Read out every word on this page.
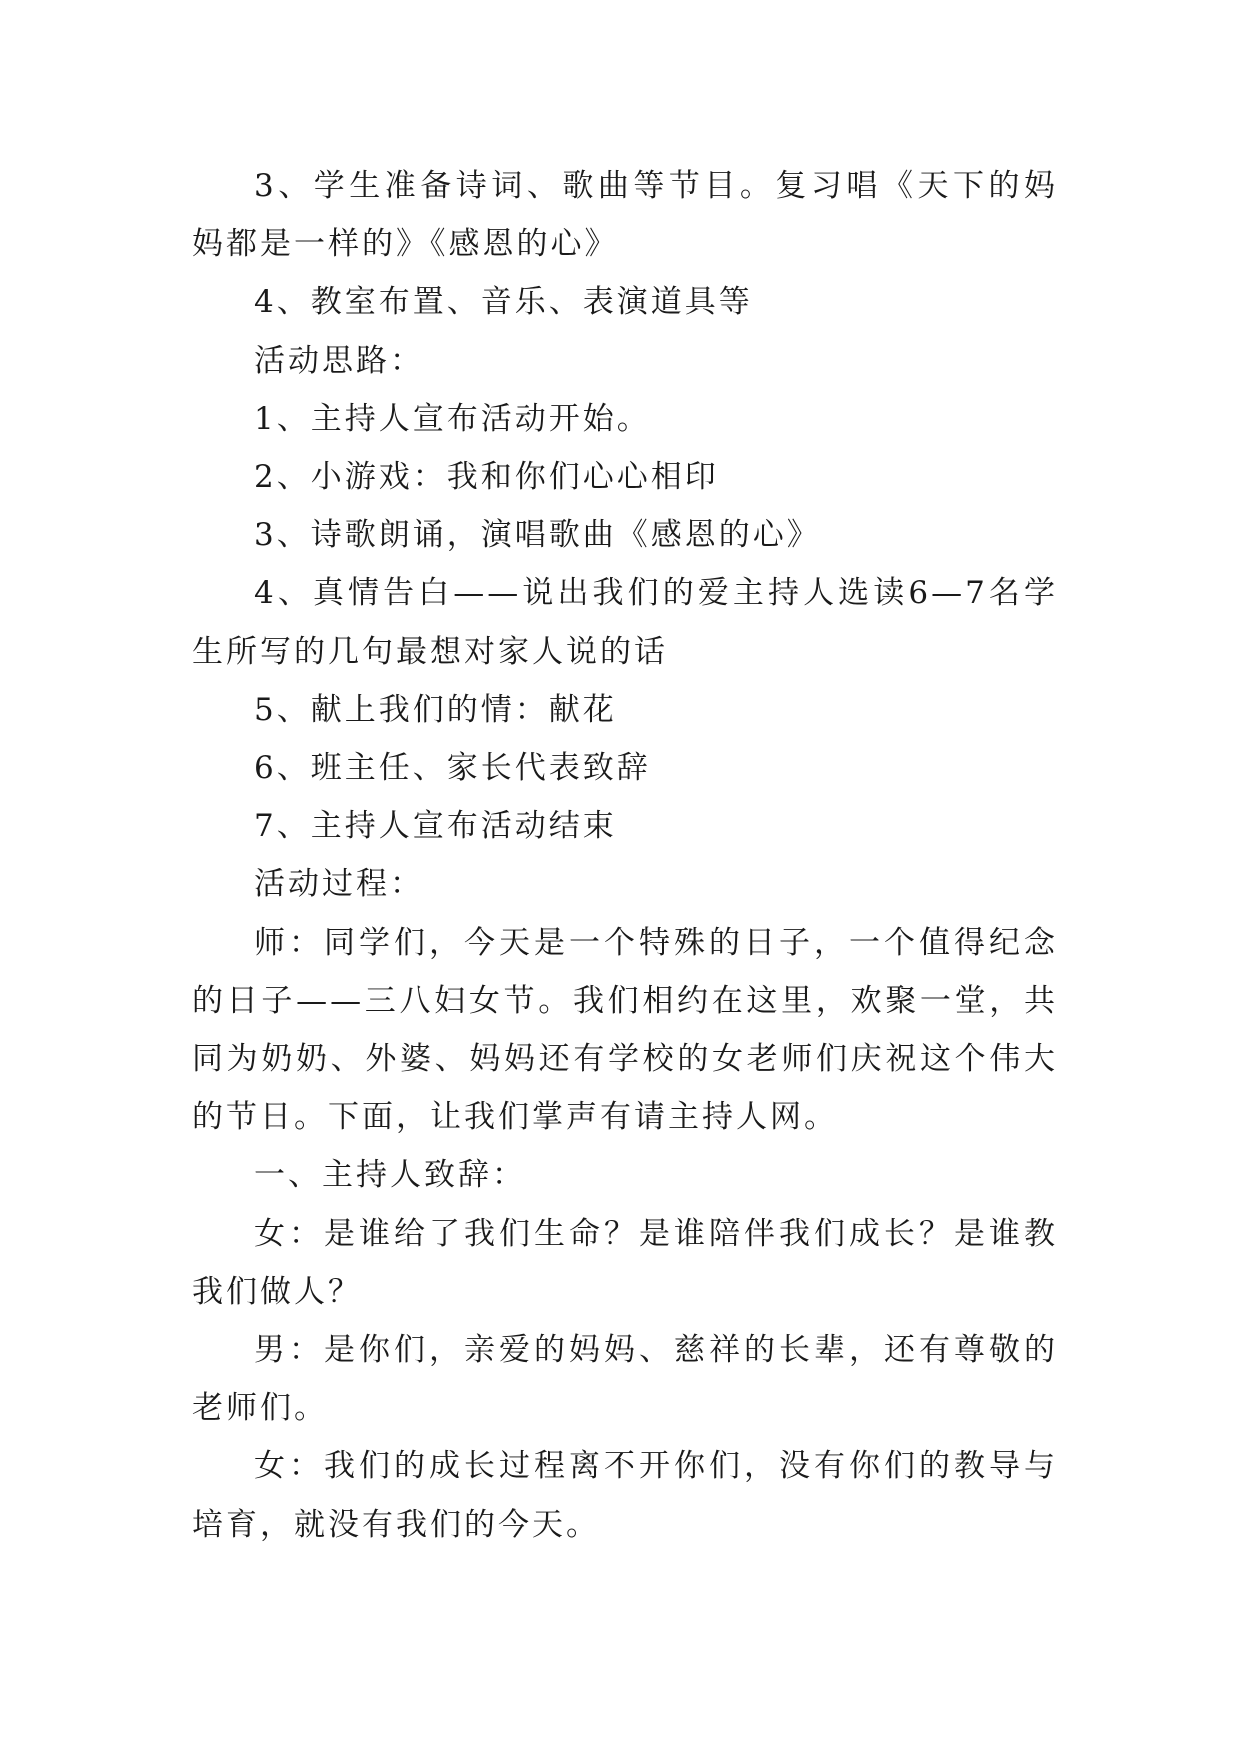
3、学生准备诗词、歌曲等节目。复习唱《天下的妈妈都是一样的》《感恩的心》

4、教室布置、音乐、表演道具等

活动思路：

1、主持人宣布活动开始。

2、小游戏：我和你们心心相印

3、诗歌朗诵，演唱歌曲《感恩的心》

4、真情告白——说出我们的爱主持人选读6—7名学生所写的几句最想对家人说的话

5、献上我们的情：献花

6、班主任、家长代表致辞

7、主持人宣布活动结束

活动过程：

师：同学们，今天是一个特殊的日子，一个值得纪念的日子——三八妇女节。我们相约在这里，欢聚一堂，共同为奶奶、外婆、妈妈还有学校的女老师们庆祝这个伟大的节日。下面，让我们掌声有请主持人网。

一、主持人致辞：

女：是谁给了我们生命？是谁陪伴我们成长？是谁教我们做人？

男：是你们，亲爱的妈妈、慈祥的长辈，还有尊敬的老师们。

女：我们的成长过程离不开你们，没有你们的教导与培育，就没有我们的今天。
